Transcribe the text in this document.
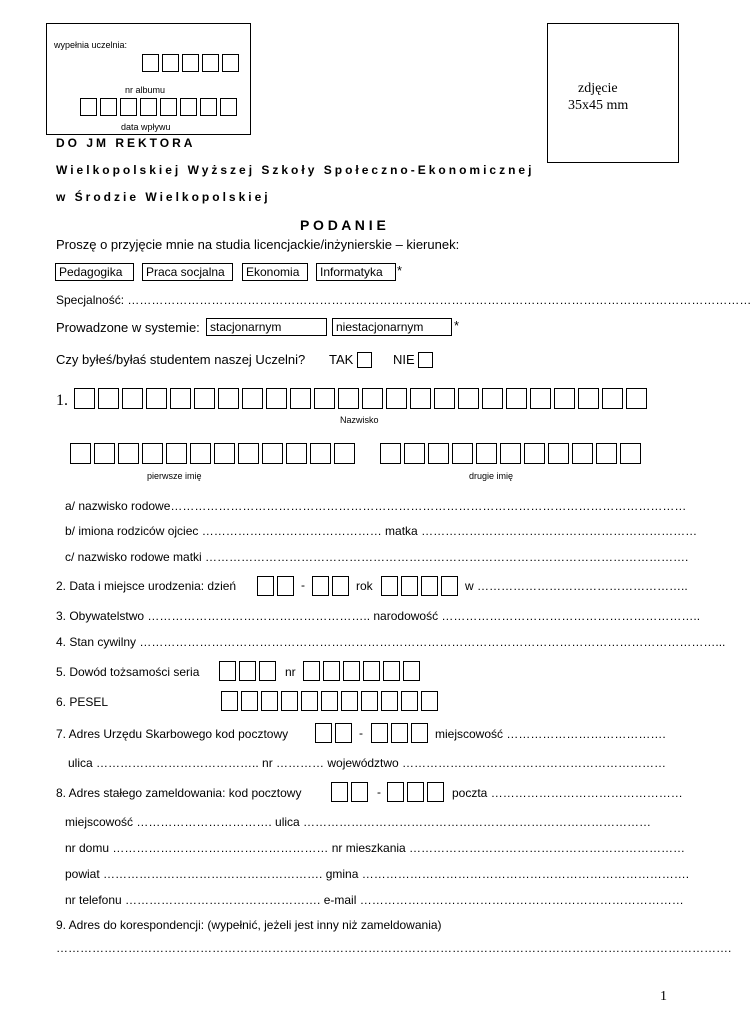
wypełnia uczelnia:
nr albumu
data wpływu
zdjęcie
35x45 mm
DO JM REKTORA
Wielkopolskiej Wyższej Szkoły Społeczno-Ekonomicznej
w Środzie Wielkopolskiej
P O D A N I E
Proszę o przyjęcie mnie na studia licencjackie/inżynierskie – kierunek:
Pedagogika	Praca socjalna	Ekonomia	Informatyka	*
Specjalność: …………………………………………………………………………………………………………………………………………
Prowadzone w systemie: stacjonarnym	niestacjonarnym	*
Czy byłeś/byłaś studentem naszej Uczelni? TAK	NIE
1.
Nazwisko
pierwsze imię	drugie imię
a/ nazwisko rodowe…………………………………………………………………………………………………………………
b/ imiona rodziców ojciec ……………………………………… matka ……………………………………………………………
c/ nazwisko rodowe matki ………………………………………………………………………………………………………….
2. Data i miejsce urodzenia: dzień	-	rok	w ……………………………………………..
3. Obywatelstwo ……………………………………………….. narodowość ………………………………………………………..
4. Stan cywilny ………………………………………………………………………………………………………………………………...
5. Dowód tożsamości seria	nr
6. PESEL
7. Adres Urzędu Skarbowego kod pocztowy	-	miejscowość ………………………………….
ulica ………………………………….. nr ………… województwo …………………………………………………………
8. Adres stałego zameldowania: kod pocztowy	-	poczta …………………………………………
miejscowość ……………………………. ulica ……………………………………………………………………………
nr domu ……………………………………………… nr mieszkania ……………………………………………………………
powiat ………………………………………………. gmina ……………………………………………………………………….
nr telefonu …………………………………………. e-mail ………………………………………………………………………
9. Adres do korespondencji: (wypełnić, jeżeli jest inny niż zameldowania)
…………………………………………………………………………………………………………………………………………………….
1
